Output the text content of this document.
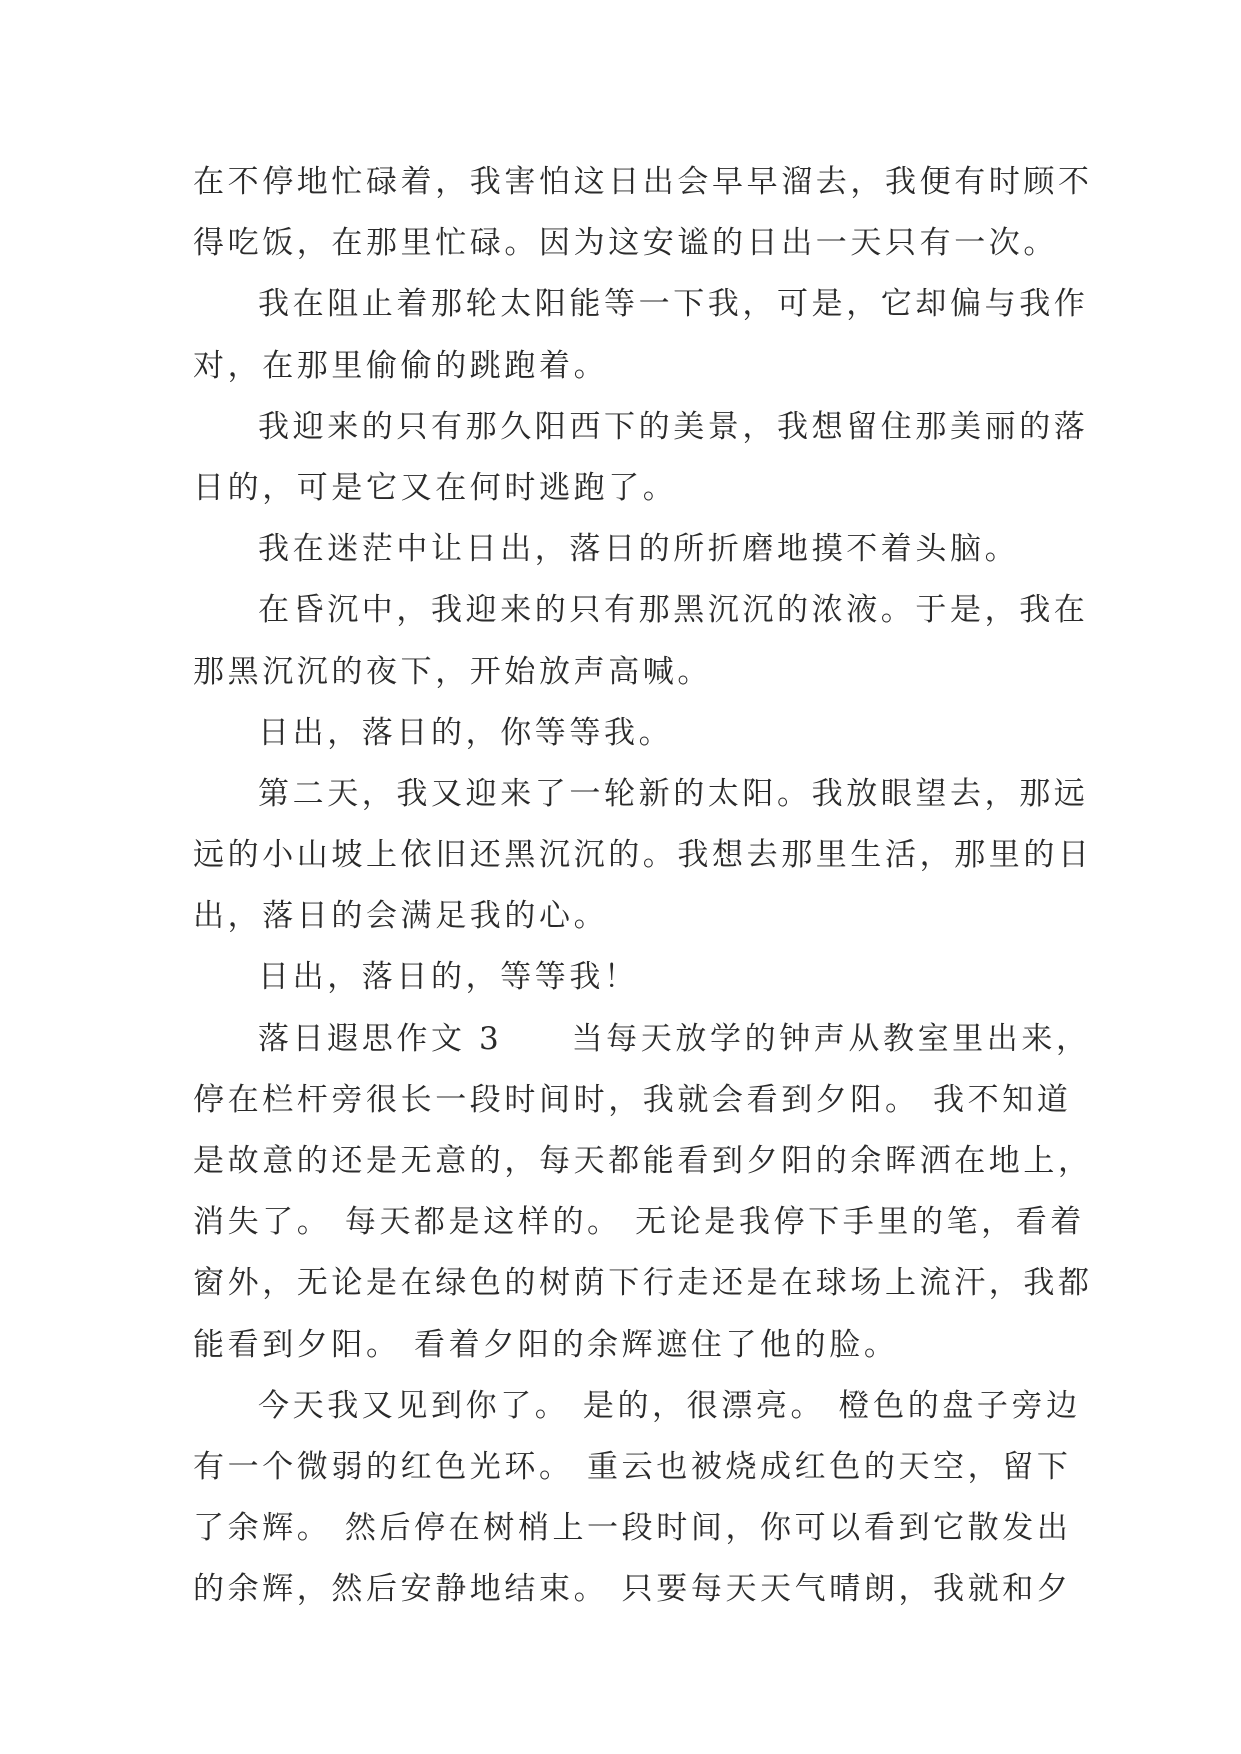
在不停地忙碌着，我害怕这日出会早早溜去，我便有时顾不
得吃饭，在那里忙碌。因为这安谧的日出一天只有一次。
我在阻止着那轮太阳能等一下我，可是，它却偏与我作
对，在那里偷偷的跳跑着。
我迎来的只有那久阳西下的美景，我想留住那美丽的落
日的，可是它又在何时逃跑了。
我在迷茫中让日出，落日的所折磨地摸不着头脑。
在昏沉中，我迎来的只有那黑沉沉的浓液。于是，我在
那黑沉沉的夜下，开始放声高喊。
日出，落日的，你等等我。
第二天，我又迎来了一轮新的太阳。我放眼望去，那远
远的小山坡上依旧还黑沉沉的。我想去那里生活，那里的日
出，落日的会满足我的心。
日出，落日的，等等我！
落日遐思作文 3　　当每天放学的钟声从教室里出来，
停在栏杆旁很长一段时间时，我就会看到夕阳。 我不知道
是故意的还是无意的，每天都能看到夕阳的余晖洒在地上，
消失了。 每天都是这样的。 无论是我停下手里的笔，看着
窗外，无论是在绿色的树荫下行走还是在球场上流汗，我都
能看到夕阳。 看着夕阳的余辉遮住了他的脸。
今天我又见到你了。 是的，很漂亮。 橙色的盘子旁边
有一个微弱的红色光环。 重云也被烧成红色的天空，留下
了余辉。 然后停在树梢上一段时间，你可以看到它散发出
的余辉，然后安静地结束。 只要每天天气晴朗，我就和夕
